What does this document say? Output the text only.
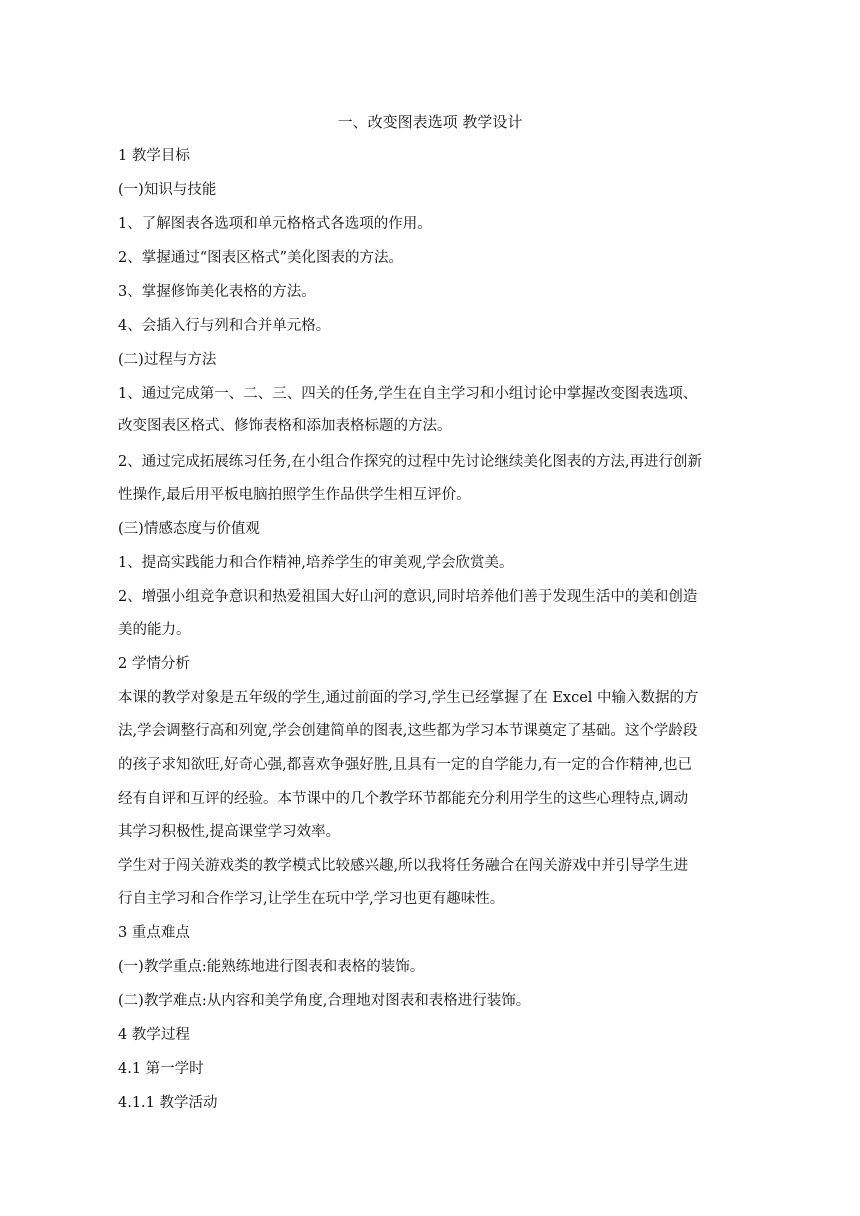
一、改变图表选项 教学设计
1 教学目标
(一)知识与技能
1、了解图表各选项和单元格格式各选项的作用。
2、掌握通过“图表区格式”美化图表的方法。
3、掌握修饰美化表格的方法。
4、会插入行与列和合并单元格。
(二)过程与方法
1、通过完成第一、二、三、四关的任务,学生在自主学习和小组讨论中掌握改变图表选项、
改变图表区格式、修饰表格和添加表格标题的方法。
2、通过完成拓展练习任务,在小组合作探究的过程中先讨论继续美化图表的方法,再进行创新
性操作,最后用平板电脑拍照学生作品供学生相互评价。
(三)情感态度与价值观
1、提高实践能力和合作精神,培养学生的审美观,学会欣赏美。
2、增强小组竞争意识和热爱祖国大好山河的意识,同时培养他们善于发现生活中的美和创造
美的能力。
2 学情分析
本课的教学对象是五年级的学生,通过前面的学习,学生已经掌握了在 Excel 中输入数据的方
法,学会调整行高和列宽,学会创建简单的图表,这些都为学习本节课奠定了基础。这个学龄段
的孩子求知欲旺,好奇心强,都喜欢争强好胜,且具有一定的自学能力,有一定的合作精神,也已
经有自评和互评的经验。本节课中的几个教学环节都能充分利用学生的这些心理特点,调动
其学习积极性,提高课堂学习效率。
学生对于闯关游戏类的教学模式比较感兴趣,所以我将任务融合在闯关游戏中并引导学生进
行自主学习和合作学习,让学生在玩中学,学习也更有趣味性。
3 重点难点
(一)教学重点:能熟练地进行图表和表格的装饰。
(二)教学难点:从内容和美学角度,合理地对图表和表格进行装饰。
4 教学过程
4.1 第一学时
4.1.1 教学活动
